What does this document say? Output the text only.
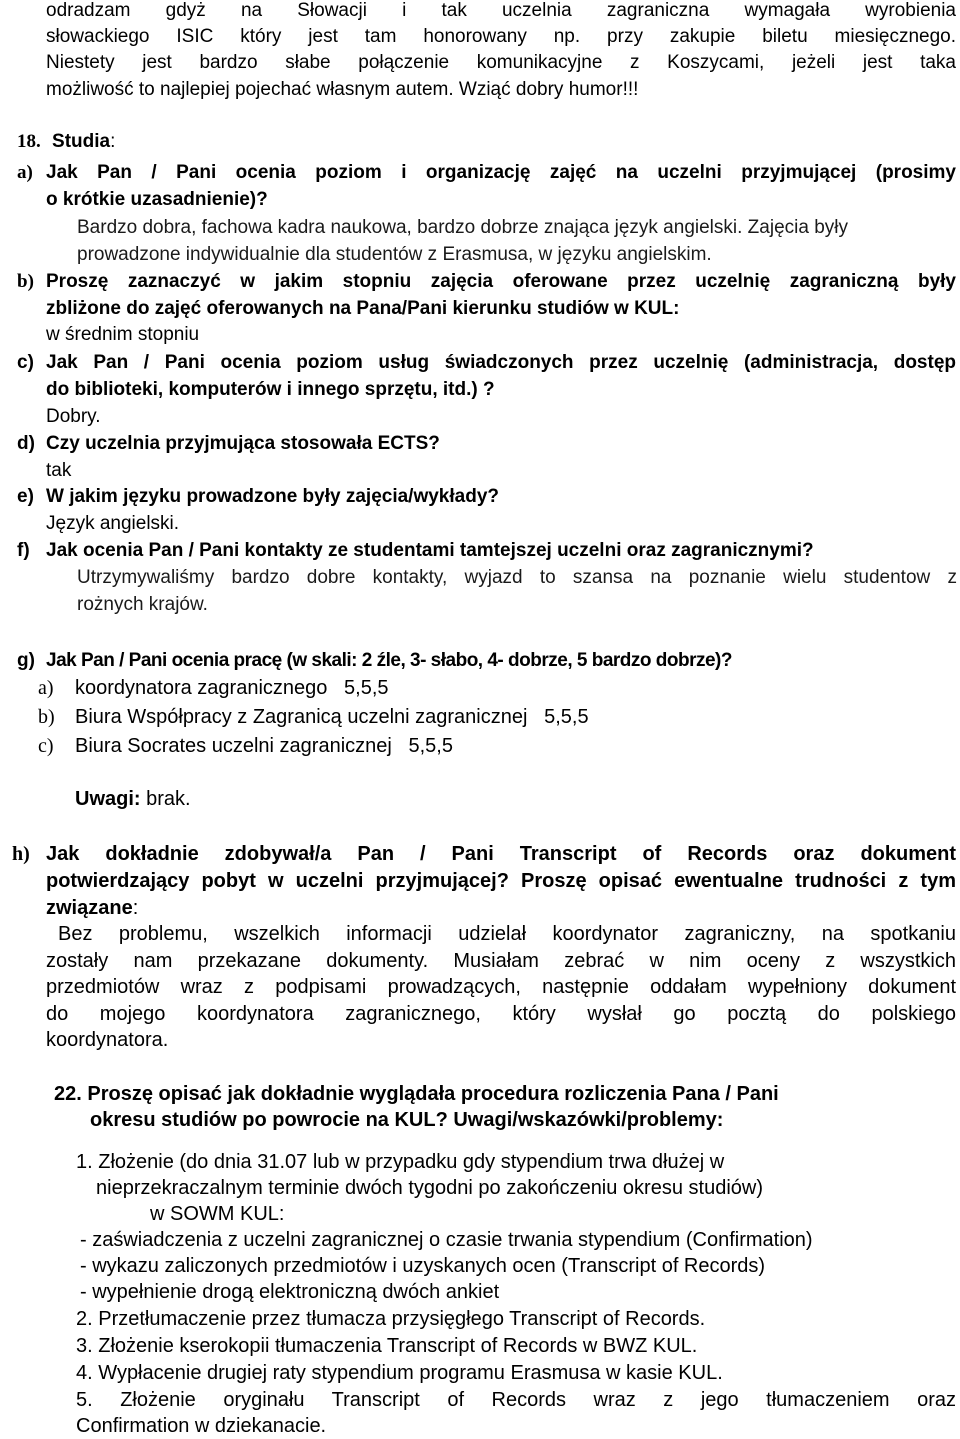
odradzam gdyż na Słowacji i tak uczelnia zagraniczna wymagała wyrobienia
słowackiego ISIC który jest tam honorowany np. przy zakupie biletu miesięcznego.
Niestety jest bardzo słabe połączenie komunikacyjne z Koszycami, jeżeli jest taka
możliwość to najlepiej pojechać własnym autem. Wziąć dobry humor!!!
18. Studia:
a) Jak Pan / Pani ocenia poziom i organizację zajęć na uczelni przyjmującej (prosimy
o krótkie uzasadnienie)?
Bardzo dobra, fachowa kadra naukowa, bardzo dobrze znająca język angielski. Zajęcia były
prowadzone indywidualnie dla studentów z Erasmusa, w języku angielskim.
b) Proszę zaznaczyć w jakim stopniu zajęcia oferowane przez uczelnię zagraniczną były
zbliżone do zajęć oferowanych na Pana/Pani kierunku studiów w KUL:
w średnim stopniu
c) Jak Pan / Pani ocenia poziom usług świadczonych przez uczelnię (administracja, dostęp
do biblioteki, komputerów i innego sprzętu, itd.) ?
Dobry.
d) Czy uczelnia przyjmująca stosowała ECTS?
tak
e) W jakim języku prowadzone były zajęcia/wykłady?
Język angielski.
f) Jak ocenia Pan / Pani kontakty ze studentami tamtejszej uczelni oraz zagranicznymi?
Utrzymywaliśmy bardzo dobre kontakty, wyjazd to szansa na poznanie wielu studentow z
rożnych krajów.
g) Jak Pan / Pani ocenia pracę (w skali: 2 źle, 3- słabo, 4- dobrze, 5 bardzo dobrze)?
a) koordynatora zagranicznego   5,5,5
b) Biura Współpracy z Zagranicą uczelni zagranicznej   5,5,5
c) Biura Socrates uczelni zagranicznej   5,5,5
Uwagi: brak.
h) Jak dokładnie zdobywał/a Pan / Pani Transcript of Records oraz dokument
potwierdzający pobyt w uczelni przyjmującej? Proszę opisać ewentualne trudności z tym
związane:
Bez problemu, wszelkich informacji udzielał koordynator zagraniczny, na spotkaniu
zostały nam przekazane dokumenty. Musiałam zebrać w nim oceny z wszystkich
przedmiotów wraz z podpisami prowadzących, następnie oddałam wypełniony dokument
do mojego koordynatora zagranicznego, który wysłał go pocztą do polskiego
koordynatora.
22. Proszę opisać jak dokładnie wyglądała procedura rozliczenia Pana / Pani
okresu studiów po powrocie na KUL? Uwagi/wskazówki/problemy:
1. Złożenie (do dnia 31.07 lub w przypadku gdy stypendium trwa dłużej w
nieprzekraczalnym terminie dwóch tygodni po zakończeniu okresu studiów)
w SOWM KUL:
- zaświadczenia z uczelni zagranicznej o czasie trwania stypendium (Confirmation)
- wykazu zaliczonych przedmiotów i uzyskanych ocen (Transcript of Records)
- wypełnienie drogą elektroniczną dwóch ankiet
2. Przetłumaczenie przez tłumacza przysięgłego Transcript of Records.
3. Złożenie kserokopii tłumaczenia Transcript of Records w BWZ KUL.
4. Wypłacenie drugiej raty stypendium programu Erasmusa w kasie KUL.
5. Złożenie oryginału Transcript of Records wraz z jego tłumaczeniem oraz
Confirmation w dziekanacie.
